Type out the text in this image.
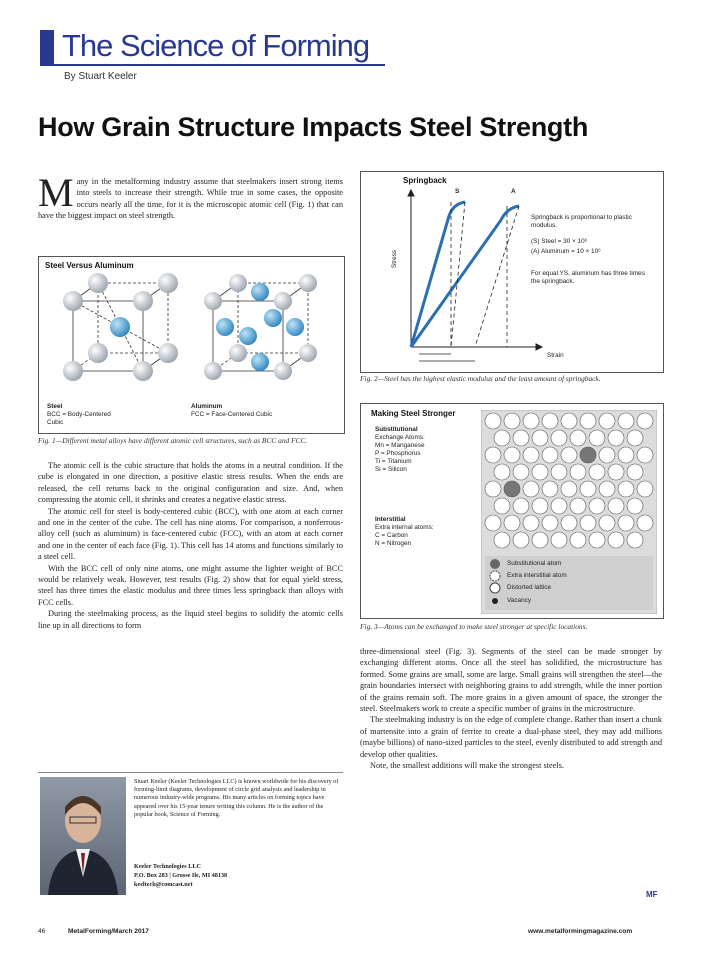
The Science of Forming
By Stuart Keeler
How Grain Structure Impacts Steel Strength
M any in the metalforming industry assume that steelmakers insert strong items into steels to increase their strength. While true in some cases, the opposite occurs nearly all the time, for it is the microscopic atomic cell (Fig. 1) that can have the biggest impact on steel strength.
Steel Versus Aluminum
Steel
BCC = Body-Centered Cubic
Aluminum
FCC = Face-Centered Cubic
Fig. 1—Different metal alloys have different atomic cell structures, such as BCC and FCC.

The atomic cell is the cubic structure that holds the atoms in a neutral condition. If the cube is elongated in one direction, a positive elastic stress results. When the ends are released, the cell returns back to the original configuration and size. And, when compressing the atomic cell, it shrinks and creates a negative elastic stress.

The atomic cell for steel is body-centered cubic (BCC), with one atom at each corner and one in the center of the cube. The cell has nine atoms. For comparison, a nonferrous-alloy cell (such as aluminum) is face-centered cubic (FCC), with an atom at each corner and one in the center of each face (Fig. 1). This cell has 14 atoms and functions similarly to a steel cell.

With the BCC cell of only nine atoms, one might assume the lighter weight of BCC would be relatively weak. However, test results (Fig. 2) show that for equal yield stress, steel has three times the elastic modulus and three times less springback than alloys with FCC cells.

During the steelmaking process, as the liquid steel begins to solidify the atomic cells line up in all directions to form

Stuart Keeler (Keeler Technologies LLC) is known worldwide for his discovery of forming-limit diagrams, development of circle grid analysis and leadership in numerous industry-wide programs. His many articles on forming topics have appeared over his 15-year tenure writing this column. He is the author of the popular book, Science of Forming.
Keeler Technologies LLC
P.O. Box 283 | Grosse Ile, MI 48138
keeltech@comcast.net
Springback
S	A
Stress
Strain
Springback is proportional to plastic modulus.
(S) Steel = 30 × 10⁶
(A) Aluminum = 10 × 10⁶
For equal YS, aluminum has three times the springback.
Fig. 2—Steel has the highest elastic modulus and the least amount of springback.
Making Steel Stronger
Substitutional
Exchange Atoms:
Mn = Manganese
P = Phosphorus
Ti = Titanium
Si = Silicon
Interstitial
Extra internal atoms:
C = Carbon
N = Nitrogen
Substitutional atom
Extra interstitial atom
Distorted lattice
Vacancy
Fig. 3—Atoms can be exchanged to make steel stronger at specific locations.

three-dimensional steel (Fig. 3). Segments of the steel can be made stronger by exchanging different atoms. Once all the steel has solidified, the microstructure has formed. Some grains are small, some are large. Small grains will strengthen the steel—the grain boundaries intersect with neighboring grains to add strength, while the inner portion of the grains remain soft. The more grains in a given amount of space, the stronger the steel. Steelmakers work to create a specific number of grains in the microstructure.

The steelmaking industry is on the edge of complete change. Rather than insert a chunk of martensite into a grain of ferrite to create a dual-phase steel, they may add millions (maybe billions) of nano-sized particles to the steel, evenly distributed to add strength and develop other qualities.

Note, the smallest additions will make the strongest steels.

MF
46	MetalForming/March 2017	www.metalformingmagazine.com
